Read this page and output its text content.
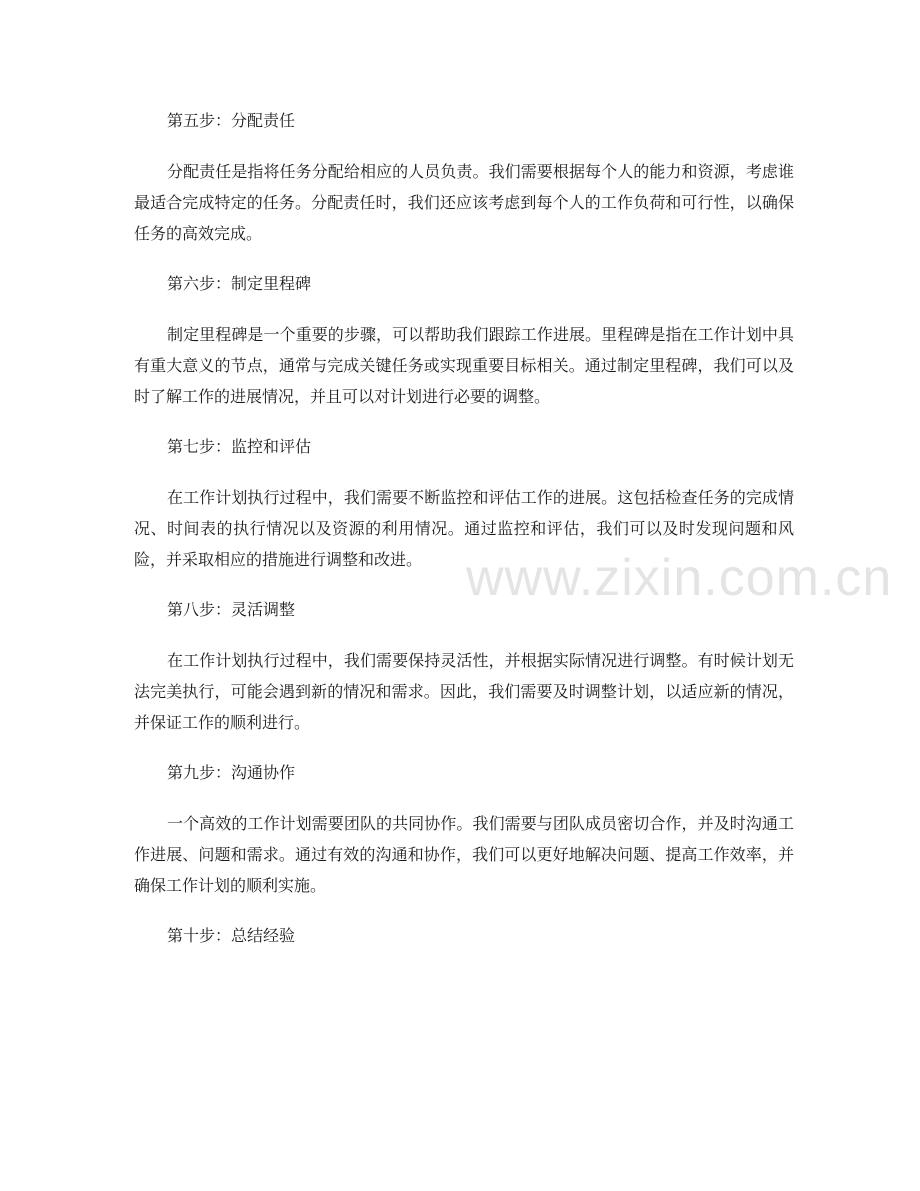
第五步：分配责任

分配责任是指将任务分配给相应的人员负责。我们需要根据每个人的能力和资源，考虑谁最适合完成特定的任务。分配责任时，我们还应该考虑到每个人的工作负荷和可行性，以确保任务的高效完成。

第六步：制定里程碑

制定里程碑是一个重要的步骤，可以帮助我们跟踪工作进展。里程碑是指在工作计划中具有重大意义的节点，通常与完成关键任务或实现重要目标相关。通过制定里程碑，我们可以及时了解工作的进展情况，并且可以对计划进行必要的调整。

第七步：监控和评估

在工作计划执行过程中，我们需要不断监控和评估工作的进展。这包括检查任务的完成情况、时间表的执行情况以及资源的利用情况。通过监控和评估，我们可以及时发现问题和风险，并采取相应的措施进行调整和改进。

第八步：灵活调整

在工作计划执行过程中，我们需要保持灵活性，并根据实际情况进行调整。有时候计划无法完美执行，可能会遇到新的情况和需求。因此，我们需要及时调整计划，以适应新的情况，并保证工作的顺利进行。

第九步：沟通协作

一个高效的工作计划需要团队的共同协作。我们需要与团队成员密切合作，并及时沟通工作进展、问题和需求。通过有效的沟通和协作，我们可以更好地解决问题、提高工作效率，并确保工作计划的顺利实施。

第十步：总结经验

www.zixin.com.cn
